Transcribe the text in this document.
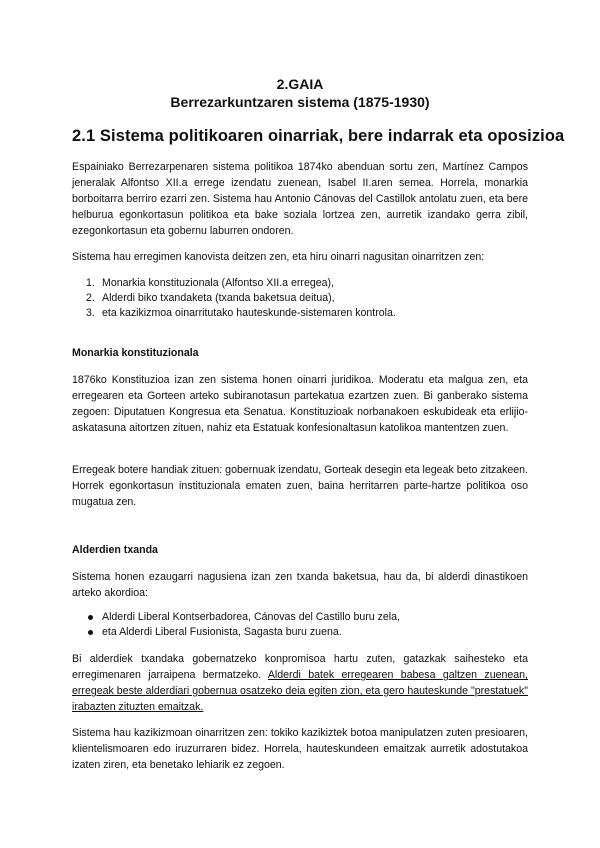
2.GAIA
Berrezarkuntzaren sistema (1875-1930)
2.1 Sistema politikoaren oinarriak, bere indarrak eta oposizioa
Espainiako Berrezarpenaren sistema politikoa 1874ko abenduan sortu zen, Martínez Campos jeneralak Alfontso XII.a errege izendatu zuenean, Isabel II.aren semea. Horrela, monarkia borboitarra berriro ezarri zen. Sistema hau Antonio Cánovas del Castillok antolatu zuen, eta bere helburua egonkortasun politikoa eta bake soziala lortzea zen, aurretik izandako gerra zibil, ezegonkortasun eta gobernu laburren ondoren.
Sistema hau erregimen kanovista deitzen zen, eta hiru oinarri nagusitan oinarritzen zen:
1. Monarkia konstituzionala (Alfontso XII.a erregea),
2. Alderdi biko txandaketa (txanda baketsua deitua),
3. eta kazikizmoa oinarritutako hauteskunde-sistemaren kontrola.
Monarkia konstituzionala
1876ko Konstituzioa izan zen sistema honen oinarri juridikoa. Moderatu eta malgua zen, eta erregearen eta Gorteen arteko subiranotasun partekatua ezartzen zuen. Bi ganberako sistema zegoen: Diputatuen Kongresua eta Senatua. Konstituzioak norbanakoen eskubideak eta erlijio-askatasuna aitortzen zituen, nahiz eta Estatuak konfesionaltasun katolikoa mantentzen zuen.
Erregeak botere handiak zituen: gobernuak izendatu, Gorteak desegin eta legeak beto zitzakeen. Horrek egonkortasun instituzionala ematen zuen, baina herritarren parte-hartze politikoa oso mugatua zen.
Alderdien txanda
Sistema honen ezaugarri nagusiena izan zen txanda baketsua, hau da, bi alderdi dinastikoen arteko akordioa:
Alderdi Liberal Kontserbadorea, Cánovas del Castillo buru zela,
eta Alderdi Liberal Fusionista, Sagasta buru zuena.
Bi alderdiek txandaka gobernatzeko konpromisoa hartu zuten, gatazkak saihesteko eta erregimenaren jarraipena bermatzeko. Alderdi batek erregearen babesa galtzen zuenean, erregeak beste alderdiari gobernua osatzeko deia egiten zion, eta gero hauteskunde "prestatuek" irabazten zituzten emaitzak.
Sistema hau kazikizmoan oinarritzen zen: tokiko kazikiztek botoa manipulatzen zuten presioaren, klientelismoaren edo iruzurraren bidez. Horrela, hauteskundeen emaitzak aurretik adostutakoa izaten ziren, eta benetako lehiarik ez zegoen.
